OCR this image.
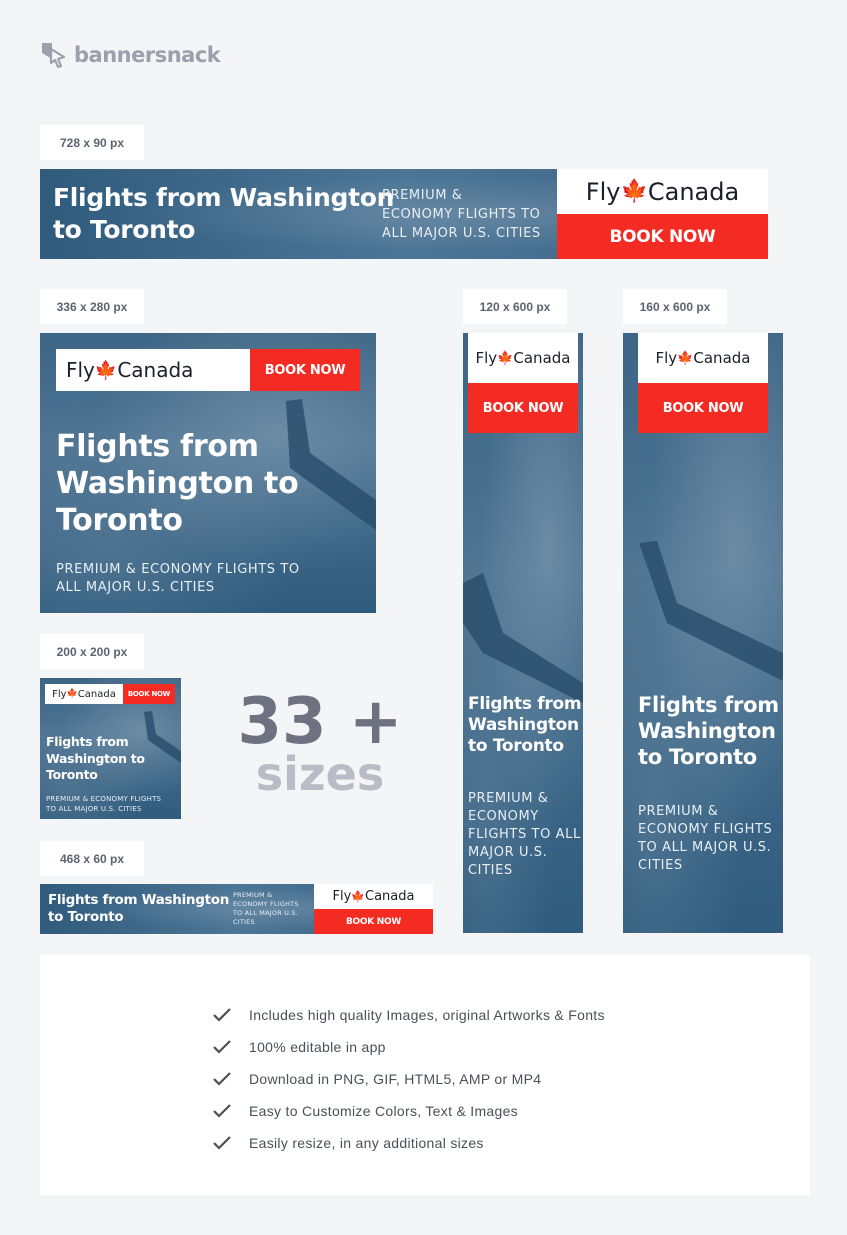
bannersnack
728 x 90 px
Flights from Washington
to Toronto
PREMIUM &
ECONOMY FLIGHTS TO
ALL MAJOR U.S. CITIES
Fly 🍁 Canada
BOOK NOW
336 x 280 px
Fly 🍁 Canada	BOOK NOW
Flights from
Washington to
Toronto
PREMIUM & ECONOMY FLIGHTS TO
ALL MAJOR U.S. CITIES
120 x 600 px
Fly 🍁 Canada
BOOK NOW
Flights from
Washington
to Toronto
PREMIUM &
ECONOMY
FLIGHTS TO ALL
MAJOR U.S.
CITIES
160 x 600 px
Fly 🍁 Canada
BOOK NOW
Flights from
Washington
to Toronto
PREMIUM &
ECONOMY FLIGHTS
TO ALL MAJOR U.S.
CITIES
200 x 200 px
Fly 🍁 Canada	BOOK NOW
Flights from
Washington to
Toronto
PREMIUM & ECONOMY FLIGHTS
TO ALL MAJOR U.S. CITIES
33 +
sizes
468 x 60 px
Flights from Washington
to Toronto
PREMIUM &
ECONOMY FLIGHTS
TO ALL MAJOR U.S.
CITIES
Fly 🍁 Canada
BOOK NOW
Includes high quality Images, original Artworks & Fonts
100% editable in app
Download in PNG, GIF, HTML5, AMP or MP4
Easy to Customize Colors, Text & Images
Easily resize, in any additional sizes
